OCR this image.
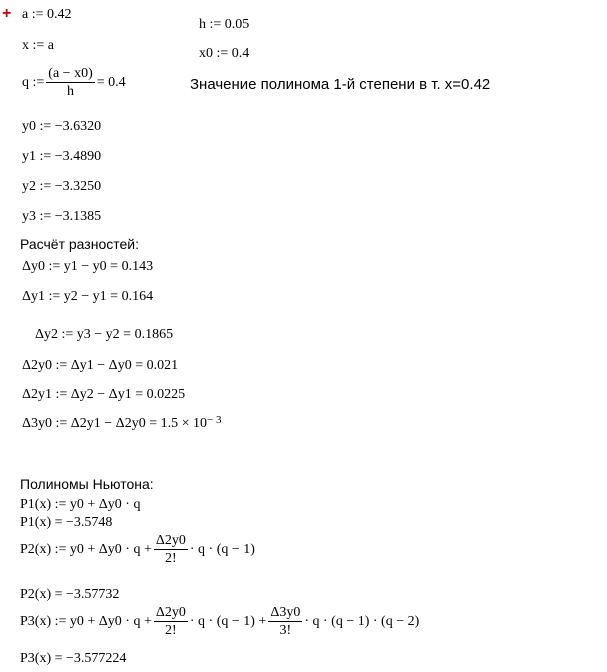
+ a := 0.42
h := 0.05
x := a
x0 := 0.4
q := $\frac{(a - x0)}{h} = 0.4$	Значение полинома 1-й степени в т. x=0.42
y0 := −3.6320
y1 := −3.4890
y2 := −3.3250
y3 := −3.1385
Расчёт разностей:
Δy0 := y1 − y0 = 0.143
Δy1 := y2 − y1 = 0.164
Δy2 := y3 − y2 = 0.1865
Δ2y0 := Δy1 − Δy0 = 0.021
Δ2y1 := Δy2 − Δy1 = 0.0225
Δ3y0 := $\Delta 2y1 - \Delta 2y0 = 1.5 \times 10^{- 3}$
Полиномы Ньютона:
P1(x) := y0 + Δy0 · q
P1(x) = −3.5748
P2(x) := $y0 + \Delta y0 \cdot q + \frac{\Delta 2y0}{2!} \cdot q \cdot (q - 1)$
P2(x) = −3.57732
P3(x) := $y0 + \Delta y0 \cdot q + \frac{\Delta 2y0}{2!} \cdot q \cdot (q - 1) + \frac{\Delta 3y0}{3!} \cdot q \cdot (q - 1) \cdot (q - 2)$
P3(x) = −3.577224
